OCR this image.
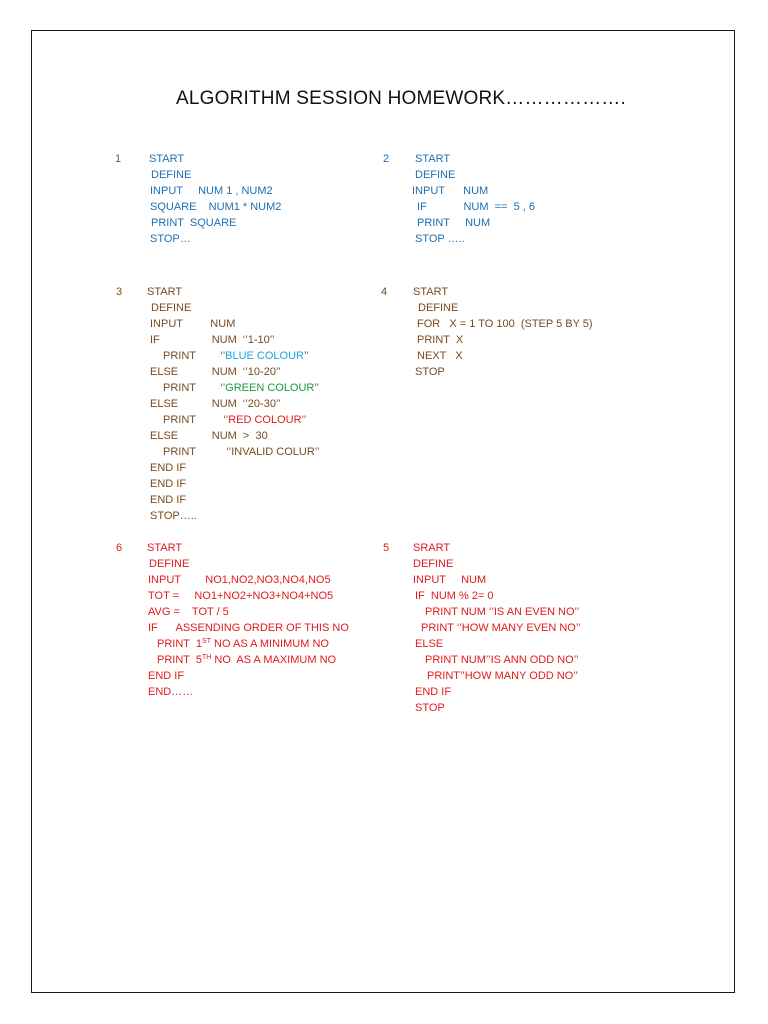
ALGORITHM SESSION HOMEWORK……………….
1	START
DEFINE
INPUT     NUM 1 , NUM2
SQUARE    NUM1 * NUM2
PRINT  SQUARE
STOP…
2 START
DEFINE
INPUT      NUM
IF            NUM  ==  5 , 6
PRINT     NUM
STOP …..
3 START
DEFINE
INPUT         NUM
IF                 NUM  ‘’1-10’’
PRINT        ‘’BLUE COLOUR’’
ELSE           NUM  ‘’10-20’’
PRINT        ‘’GREEN COLOUR’’
ELSE           NUM  ‘’20-30’’
PRINT         ‘’RED COLOUR’’
ELSE           NUM  >  30
PRINT          ‘’INVALID COLUR’’
END IF
END IF
END IF
STOP…..
4 START
DEFINE
FOR   X = 1 TO 100  (STEP 5 BY 5)
PRINT  X
NEXT   X
STOP
6 START
DEFINE
INPUT        NO1,NO2,NO3,NO4,NO5
TOT =     NO1+NO2+NO3+NO4+NO5
AVG =    TOT / 5
IF      ASSENDING ORDER OF THIS NO
PRINT  1ST NO AS A MINIMUM NO
PRINT  5TH NO  AS A MAXIMUM NO
END IF
END……
5 SRART
DEFINE
INPUT     NUM
IF  NUM % 2= 0
PRINT NUM ‘’IS AN EVEN NO’’
PRINT ‘’HOW MANY EVEN NO’’
ELSE
PRINT NUM’’IS ANN ODD NO’’
PRINT’’HOW MANY ODD NO’’
END IF
STOP
